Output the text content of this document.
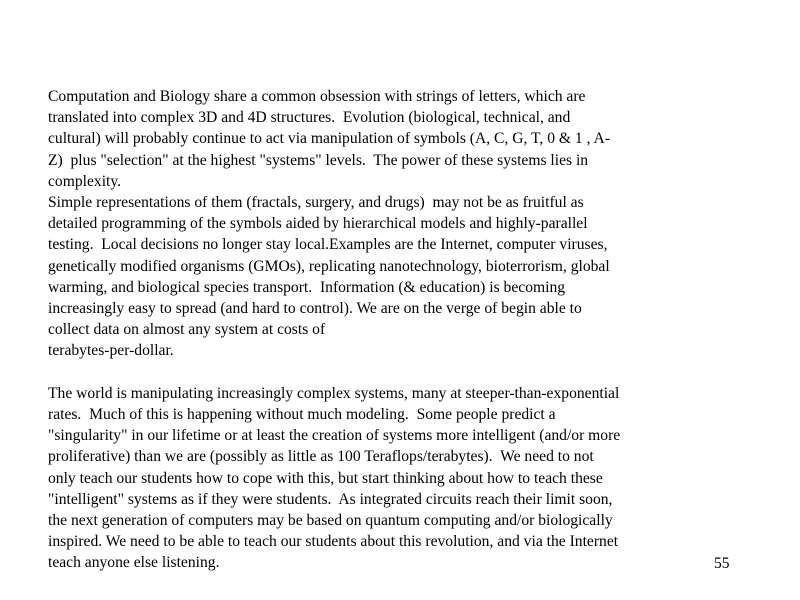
Computation and Biology share a common obsession with strings of letters, which are
translated into complex 3D and 4D structures.  Evolution (biological, technical, and
cultural) will probably continue to act via manipulation of symbols (A, C, G, T, 0 & 1 , A-
Z)  plus "selection" at the highest "systems" levels.  The power of these systems lies in
complexity.
Simple representations of them (fractals, surgery, and drugs)  may not be as fruitful as
detailed programming of the symbols aided by hierarchical models and highly-parallel
testing.  Local decisions no longer stay local.Examples are the Internet, computer viruses,
genetically modified organisms (GMOs), replicating nanotechnology, bioterrorism, global
warming, and biological species transport.  Information (& education) is becoming
increasingly easy to spread (and hard to control). We are on the verge of begin able to
collect data on almost any system at costs of
terabytes-per-dollar.
The world is manipulating increasingly complex systems, many at steeper-than-exponential
rates.  Much of this is happening without much modeling.  Some people predict a
"singularity" in our lifetime or at least the creation of systems more intelligent (and/or more
proliferative) than we are (possibly as little as 100 Teraflops/terabytes).  We need to not
only teach our students how to cope with this, but start thinking about how to teach these
"intelligent" systems as if they were students.  As integrated circuits reach their limit soon,
the next generation of computers may be based on quantum computing and/or biologically
inspired. We need to be able to teach our students about this revolution, and via the Internet
teach anyone else listening.	55
